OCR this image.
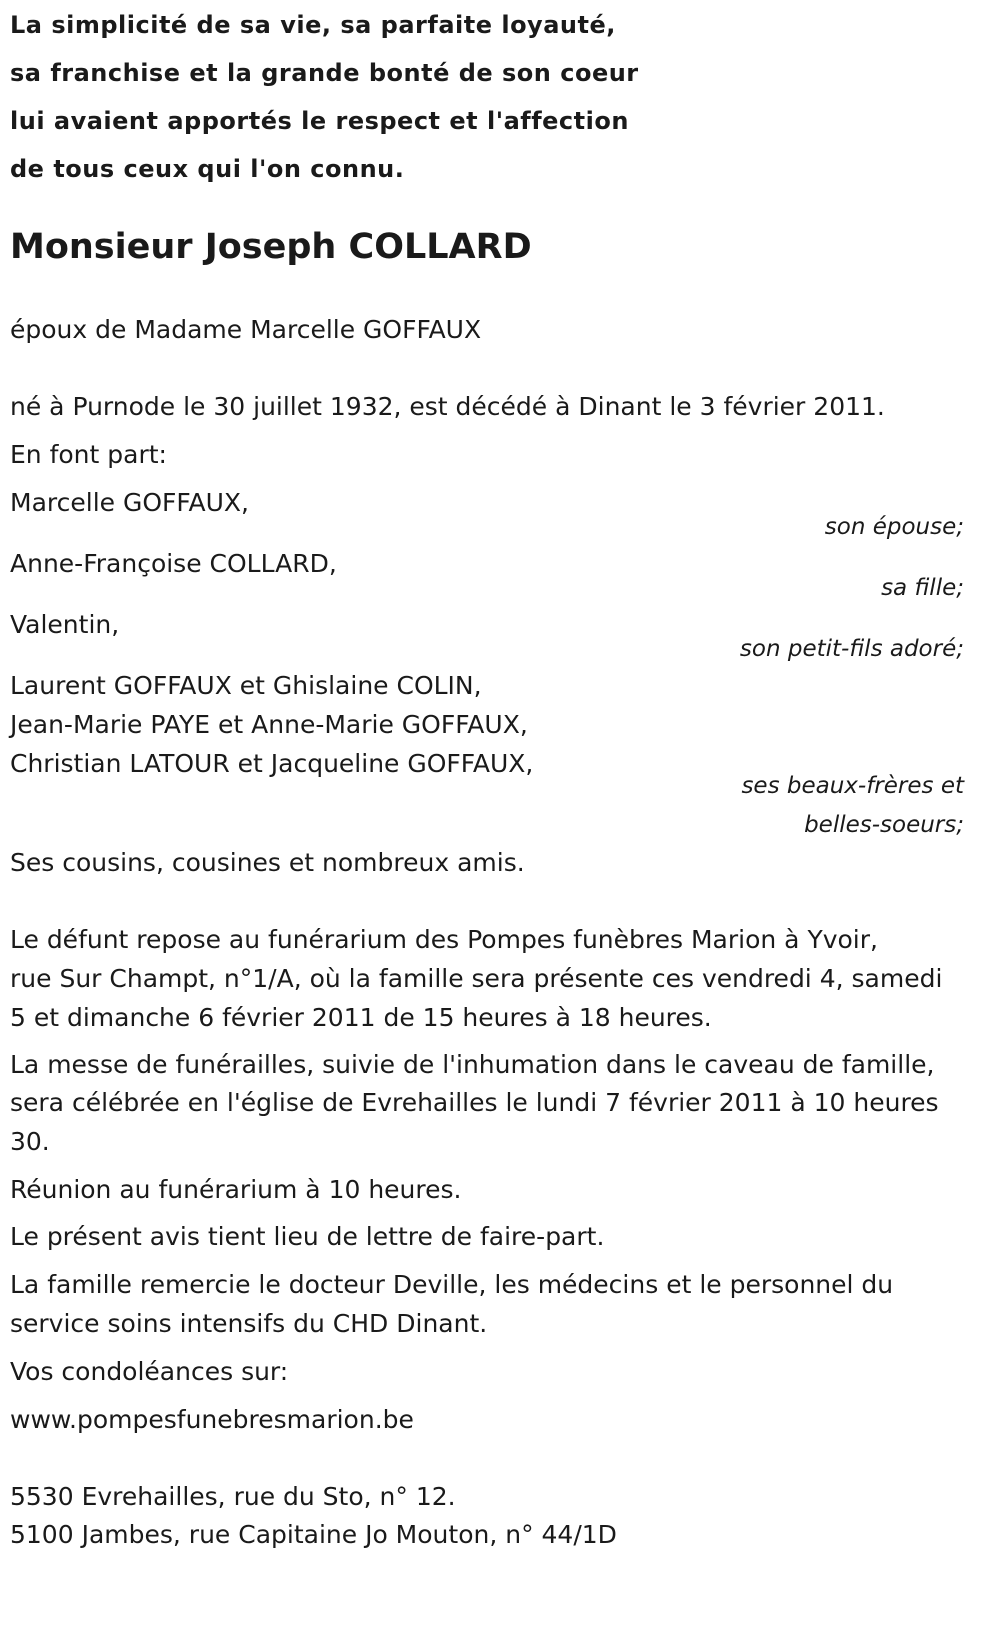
La simplicité de sa vie, sa parfaite loyauté,
sa franchise et la grande bonté de son coeur
lui avaient apportés le respect et l'affection
de tous ceux qui l'on connu.
Monsieur Joseph COLLARD
époux de Madame Marcelle GOFFAUX
né à Purnode le 30 juillet 1932, est décédé à Dinant le 3 février 2011.
En font part:
Marcelle GOFFAUX,
son épouse;
Anne-Françoise COLLARD,
sa fille;
Valentin,
son petit-fils adoré;
Laurent GOFFAUX et Ghislaine COLIN,
Jean-Marie PAYE et Anne-Marie GOFFAUX,
Christian LATOUR et Jacqueline GOFFAUX,
ses beaux-frères et
belles-soeurs;
Ses cousins, cousines et nombreux amis.
Le défunt repose au funérarium des Pompes funèbres Marion à Yvoir,
rue Sur Champt, n°1/A, où la famille sera présente ces vendredi 4, samedi
5 et dimanche 6 février 2011 de 15 heures à 18 heures.
La messe de funérailles, suivie de l'inhumation dans le caveau de famille,
sera célébrée en l'église de Evrehailles le lundi 7 février 2011 à 10 heures
30.
Réunion au funérarium à 10 heures.
Le présent avis tient lieu de lettre de faire-part.
La famille remercie le docteur Deville, les médecins et le personnel du
service soins intensifs du CHD Dinant.
Vos condoléances sur:
www.pompesfunebresmarion.be
5530 Evrehailles, rue du Sto, n° 12.
5100 Jambes, rue Capitaine Jo Mouton, n° 44/1D
